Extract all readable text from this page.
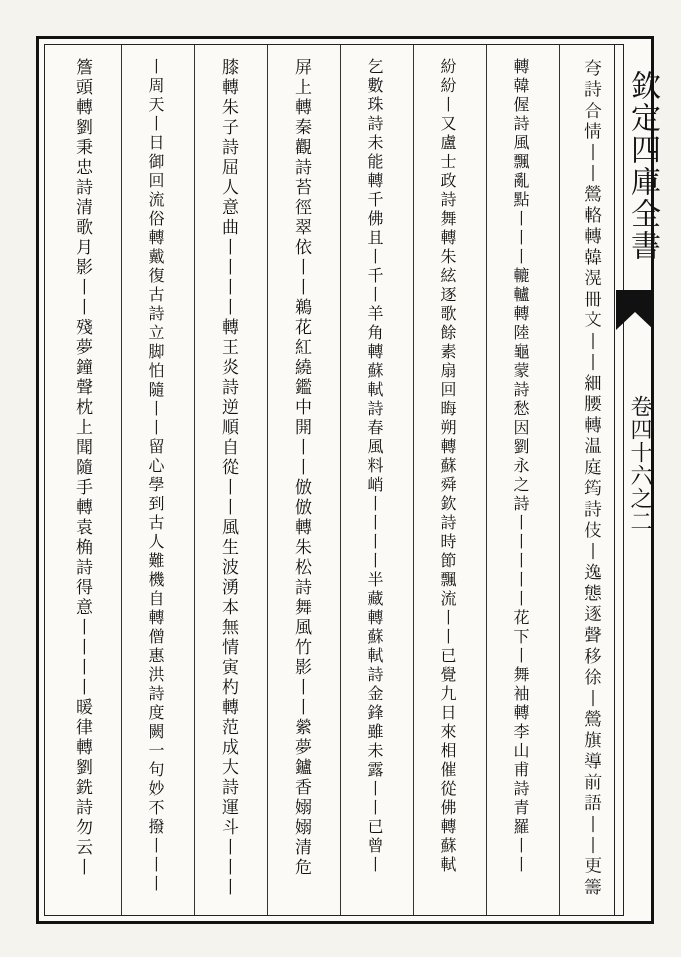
欽定四庫全書
卷四十六之二
𡗝詩合情丨丨鶯輅轉韓滉冊文丨丨細腰轉温庭筠詩伎丨逸態逐聲移徐丨鶯旗導前語丨丨更籌
轉韓偓詩風飄亂點丨丨丨轆轤轉陸龜蒙詩愁因劉永之詩丨丨丨丨丨花下丨舞袖轉李山甫詩青羅丨丨
紛紛丨又盧士政詩舞轉朱絃逐歌餘素扇回晦朔轉蘇舜欽詩時節飄流丨丨已覺九日來相催從佛轉蘇軾
乞數珠詩未能轉千佛且丨千丨羊角轉蘇軾詩春風料峭丨丨丨丨半藏轉蘇軾詩金鋒雖未露丨丨已曾丨
屏上轉秦觀詩苔徑翠依丨丨鵜花紅繞鑑中開丨丨倣倣轉朱松詩舞風竹影丨丨縈夢鑪香嫋嫋清危
膝轉朱子詩屈人意曲丨丨丨丨轉王炎詩逆順自從丨丨風生波湧本無情寅杓轉范成大詩運斗丨丨丨
丨周天丨日御回流俗轉戴復古詩立脚怕隨丨丨留心學到古人難機自轉僧惠洪詩度闕一句妙不撥丨丨丨
簷頭轉劉秉忠詩清歌月影丨丨殘夢鐘聲枕上聞隨手轉袁桷詩得意丨丨丨丨暖律轉劉銑詩勿云丨
